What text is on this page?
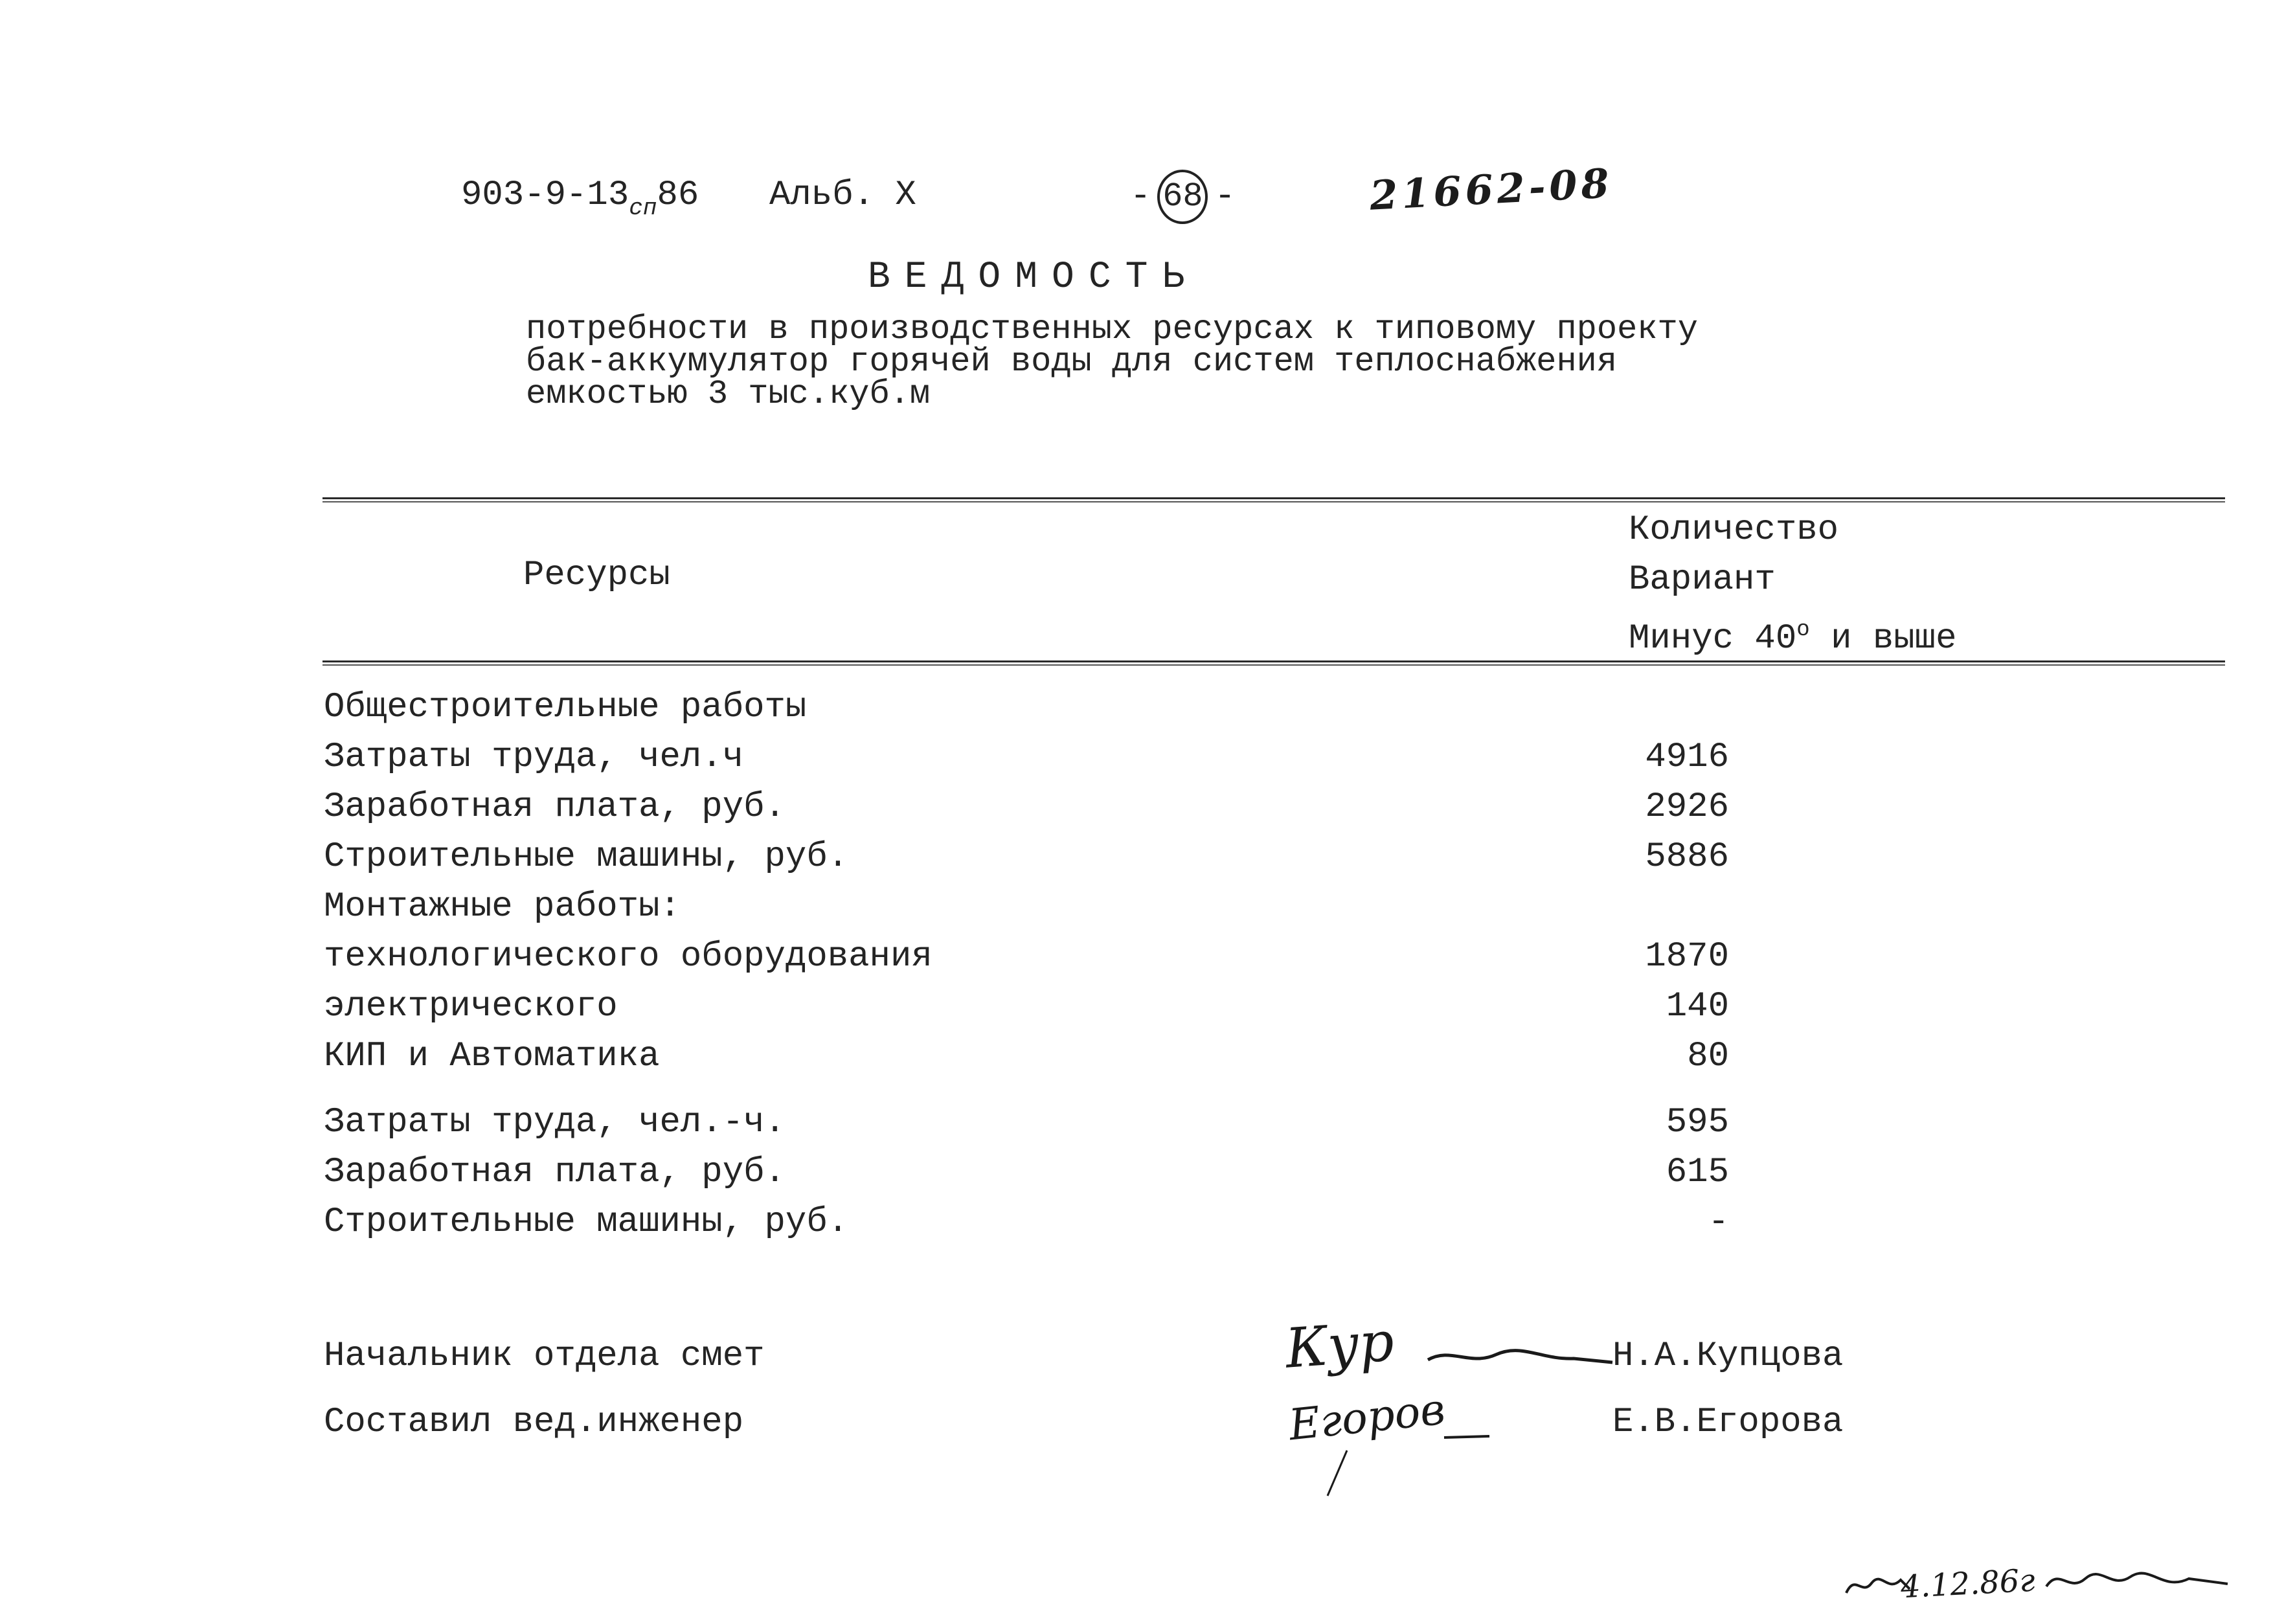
$903-9-13_{сп}86$ Альб. X	- 68 -	21662-08
ВЕДОМОСТЬ
потребности в производственных ресурсах к типовому проекту
бак-аккумулятор горячей воды для систем теплоснабжения
емкостью 3 тыс.куб.м
Ресурсы
Количество
Вариант
Минус 40$^o$ и выше
Общестроительные работы
Затраты труда, чел.ч	4916
Заработная плата, руб.	2926
Строительные машины, руб.	5886
Монтажные работы:
технологического оборудования	1870
электрического	140
КИП и Автоматика	80
Затраты труда, чел.-ч.	595
Заработная плата, руб.	615
Строительные машины, руб.	-
Начальник отдела смет	Кур	Н.А.Купцова
Составил вед.инженер	Егоров	Е.В.Егорова
4.12.86г
